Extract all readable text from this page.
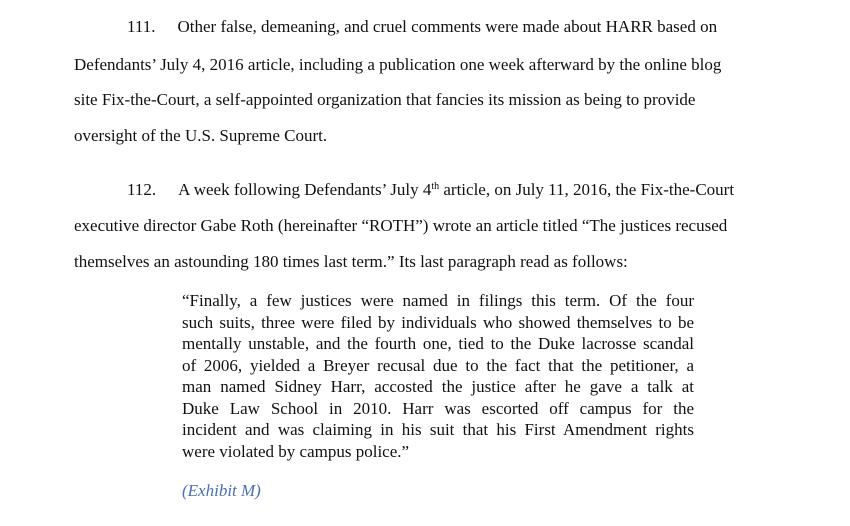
111. Other false, demeaning, and cruel comments were made about HARR based on
Defendants’ July 4, 2016 article, including a publication one week afterward by the online blog
site Fix-the-Court, a self-appointed organization that fancies its mission as being to provide
oversight of the U.S. Supreme Court.
112. A week following Defendants’ July 4th article, on July 11, 2016, the Fix-the-Court
executive director Gabe Roth (hereinafter “ROTH”) wrote an article titled “The justices recused
themselves an astounding 180 times last term.” Its last paragraph read as follows:
“Finally, a few justices were named in filings this term. Of the four
such suits, three were filed by individuals who showed themselves to be
mentally unstable, and the fourth one, tied to the Duke lacrosse scandal
of 2006, yielded a Breyer recusal due to the fact that the petitioner, a
man named Sidney Harr, accosted the justice after he gave a talk at
Duke Law School in 2010. Harr was escorted off campus for the
incident and was claiming in his suit that his First Amendment rights
were violated by campus police.”
(Exhibit M)
